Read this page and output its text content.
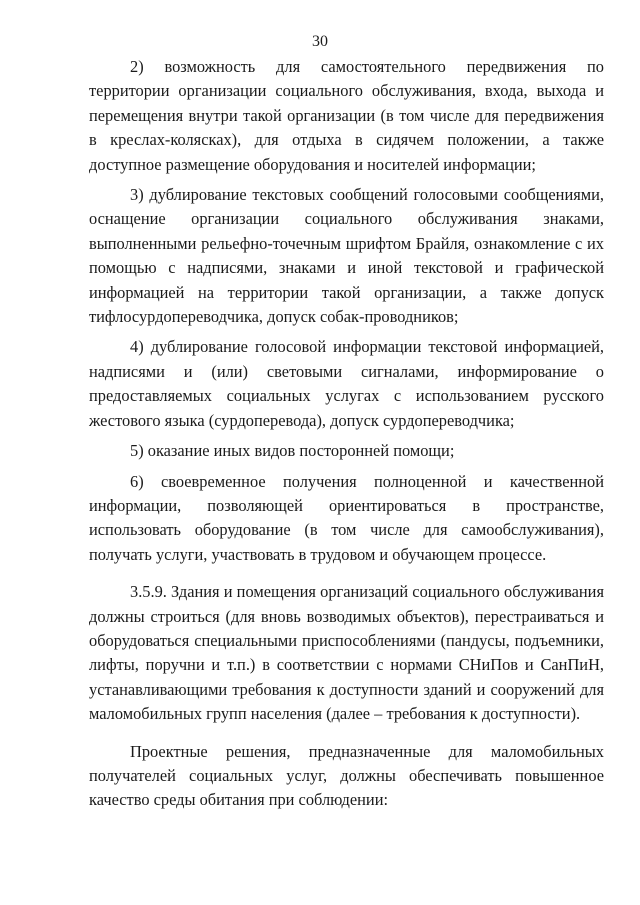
30

2) возможность для самостоятельного передвижения по территории организации социального обслуживания, входа, выхода и перемещения внутри такой организации (в том числе для передвижения в креслах-колясках), для отдыха в сидячем положении, а также доступное размещение оборудования и носителей информации;

3) дублирование текстовых сообщений голосовыми сообщениями, оснащение организации социального обслуживания знаками, выполненными рельефно-точечным шрифтом Брайля, ознакомление с их помощью с надписями, знаками и иной текстовой и графической информацией на территории такой организации, а также допуск тифлосурдопереводчика, допуск собак-проводников;

4) дублирование голосовой информации текстовой информацией, надписями и (или) световыми сигналами, информирование о предоставляемых социальных услугах с использованием русского жестового языка (сурдоперевода), допуск сурдопереводчика;

5) оказание иных видов посторонней помощи;

6) своевременное получения полноценной и качественной информации, позволяющей ориентироваться в пространстве, использовать оборудование (в том числе для самообслуживания), получать услуги, участвовать в трудовом и обучающем процессе.

3.5.9. Здания и помещения организаций социального обслуживания должны строиться (для вновь возводимых объектов), перестраиваться и оборудоваться специальными приспособлениями (пандусы, подъемники, лифты, поручни и т.п.) в соответствии с нормами СНиПов и СанПиН, устанавливающими требования к доступности зданий и сооружений для маломобильных групп населения (далее – требования к доступности).

Проектные решения, предназначенные для маломобильных получателей социальных услуг, должны обеспечивать повышенное качество среды обитания при соблюдении:
